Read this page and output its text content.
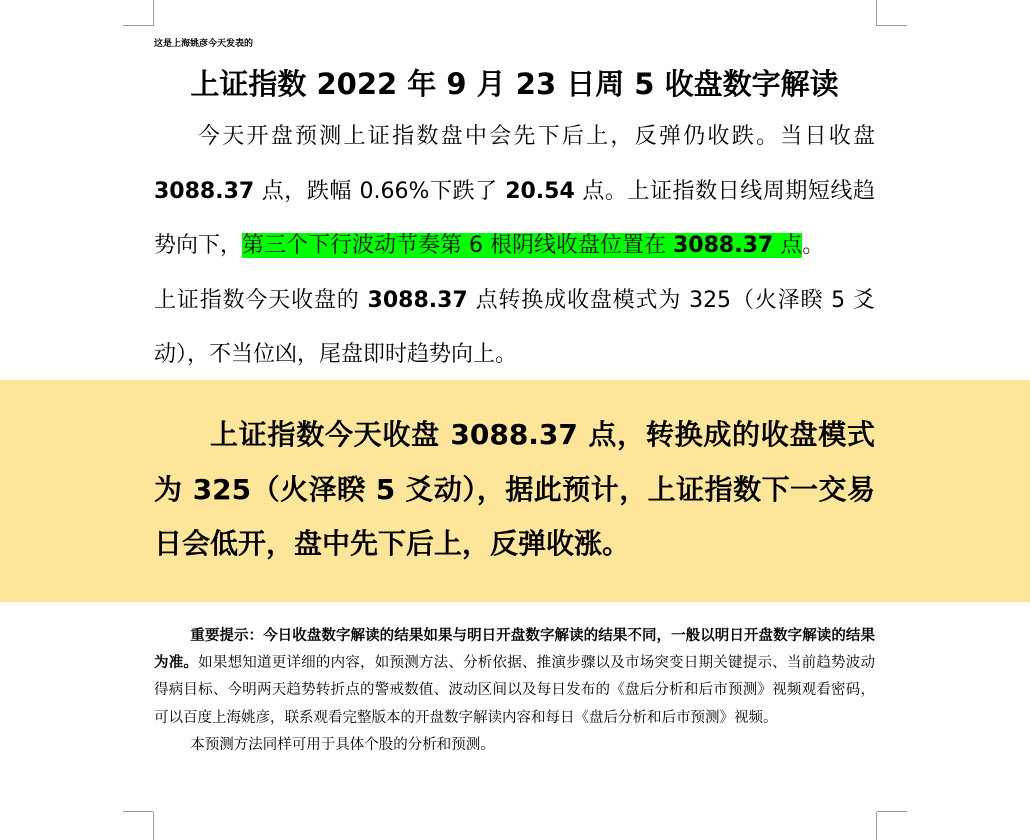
这是上海姚彦今天发表的
上证指数 2022 年 9 月 23 日周 5 收盘数字解读

今天开盘预测上证指数盘中会先下后上，反弹仍收跌。当日收盘3088.37 点，跌幅 0.66%下跌了 20.54 点。上证指数日线周期短线趋势向下，第三个下行波动节奏第 6 根阴线收盘位置在 3088.37 点。

上证指数今天收盘的 3088.37 点转换成收盘模式为 325（火泽睽 5 爻动），不当位凶，尾盘即时趋势向上。

上证指数今天收盘 3088.37 点，转换成的收盘模式为 325（火泽睽 5 爻动），据此预计，上证指数下一交易日会低开，盘中先下后上，反弹收涨。

重要提示：今日收盘数字解读的结果如果与明日开盘数字解读的结果不同，一般以明日开盘数字解读的结果为准。如果想知道更详细的内容，如预测方法、分析依据、推演步骤以及市场突变日期关键提示、当前趋势波动得病目标、今明两天趋势转折点的警戒数值、波动区间以及每日发布的《盘后分析和后市预测》视频观看密码，可以百度上海姚彦，联系观看完整版本的开盘数字解读内容和每日《盘后分析和后市预测》视频。

本预测方法同样可用于具体个股的分析和预测。
